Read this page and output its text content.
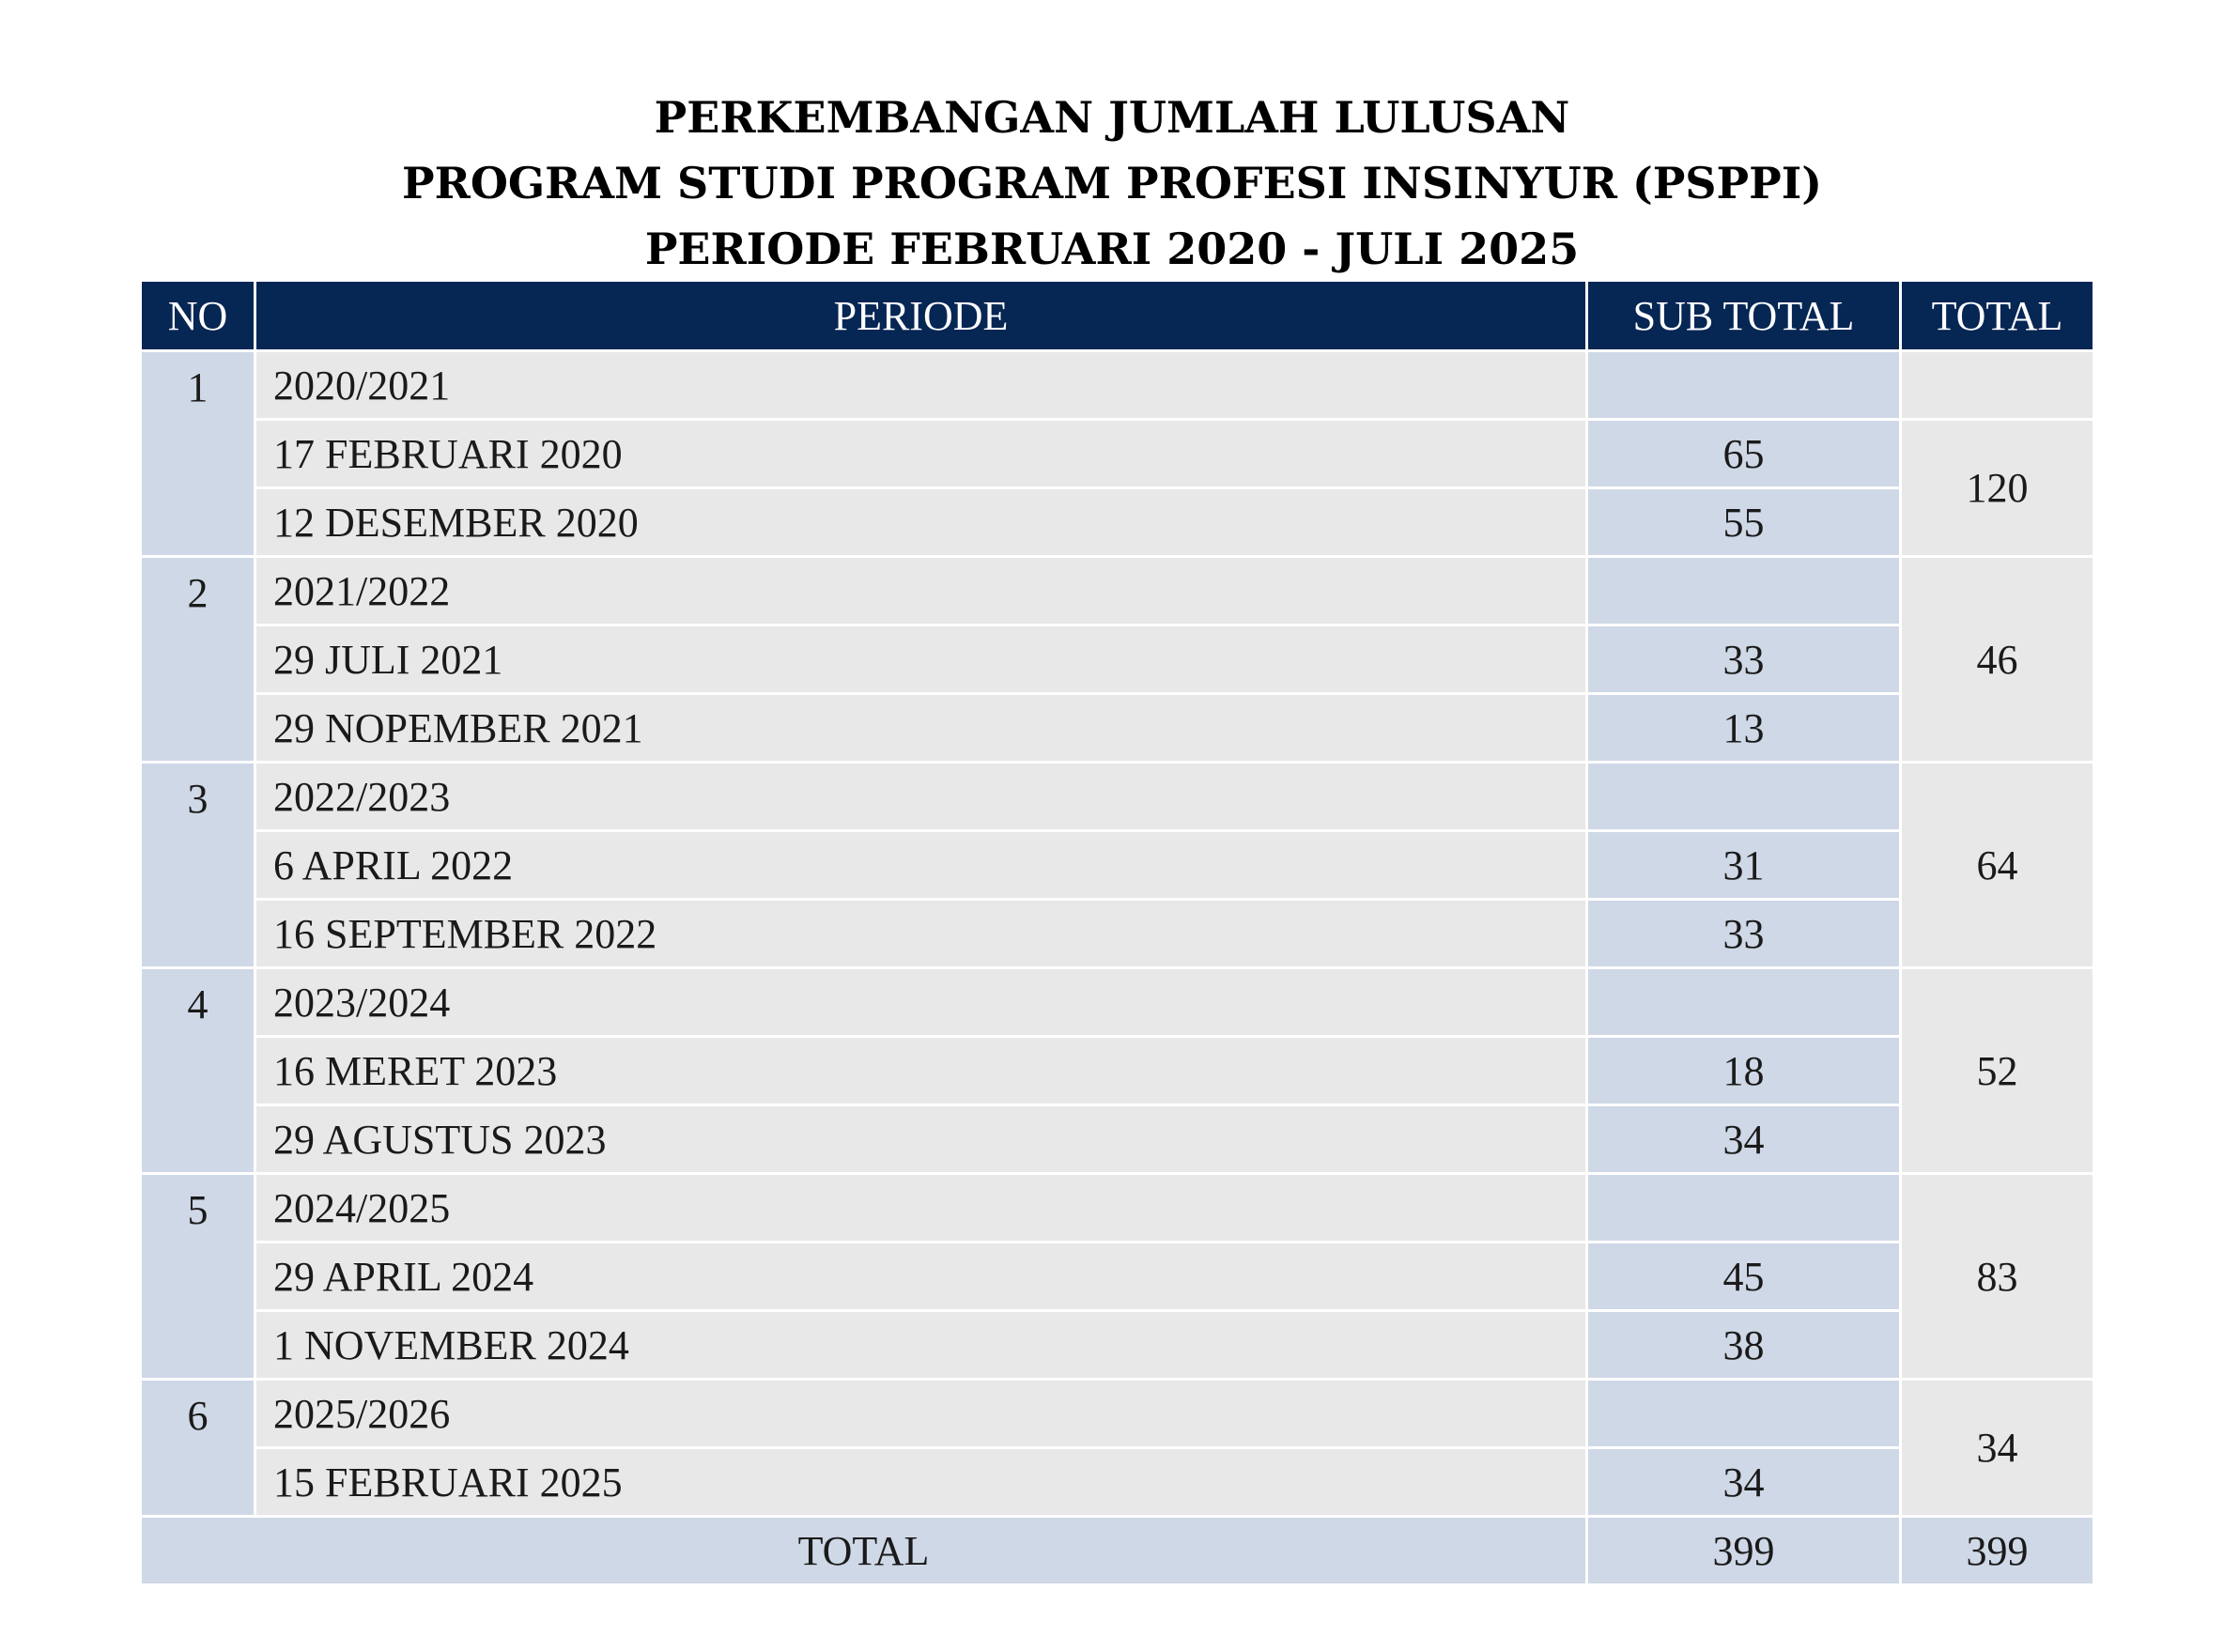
PERKEMBANGAN JUMLAH LULUSAN
PROGRAM STUDI PROGRAM PROFESI INSINYUR (PSPPI)
PERIODE FEBRUARI 2020 - JULI 2025
NO	PERIODE	SUB TOTAL	TOTAL
1	2020/2021		
	17 FEBRUARI 2020	65	120
	12 DESEMBER 2020	55	
2	2021/2022		46
	29 JULI 2021	33	
	29 NOPEMBER 2021	13	
3	2022/2023		64
	6 APRIL 2022	31	
	16 SEPTEMBER 2022	33	
4	2023/2024		52
	16 MERET 2023	18	
	29 AGUSTUS 2023	34	
5	2024/2025		83
	29 APRIL 2024	45	
	1 NOVEMBER 2024	38	
6	2025/2026		34
	15 FEBRUARI 2025	34	
TOTAL		399	399
